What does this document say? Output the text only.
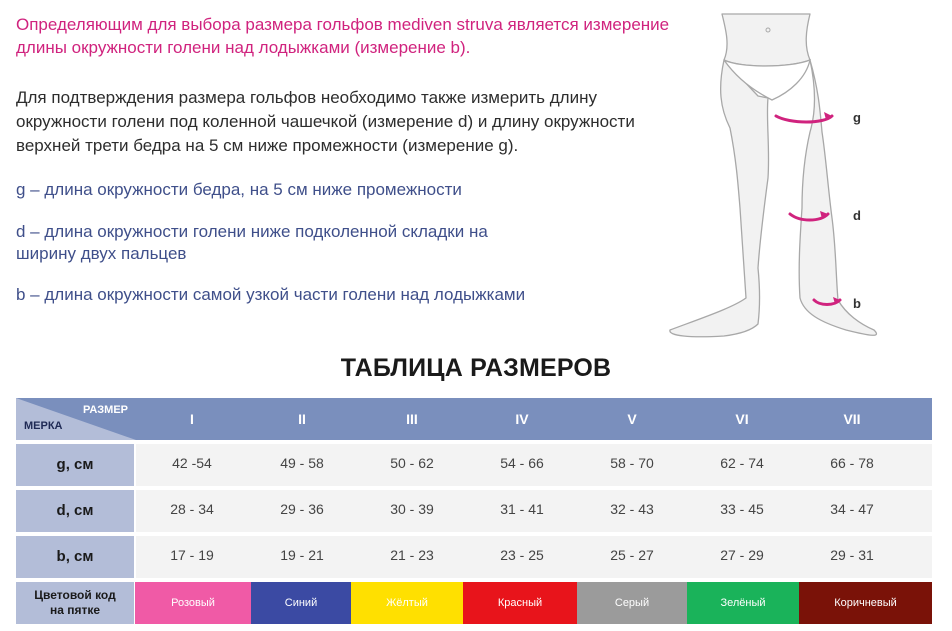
Определяющим для выбора размера гольфов mediven struva является измерение

длины окружности голени над лодыжками (измерение b).

Для подтверждения размера гольфов необходимо также измерить длину

окружности голени под коленной чашечкой (измерение d) и длину окружности

верхней трети бедра на 5 см ниже промежности (измерение g).

g – длина окружности бедра, на 5 см ниже промежности
d – длина окружности голени ниже подколенной складки на
ширину двух пальцев
b – длина окружности самой узкой части голени над лодыжками
g
d
b
ТАБЛИЦА РАЗМЕРОВ
РАЗМЕР
МЕРКА	I	II	III	IV	V	VI	VII
g, см	42 -54	49 - 58	50 - 62	54 - 66	58 - 70	62 - 74	66 - 78
d, см	28 - 34	29 - 36	30 - 39	31 - 41	32 - 43	33 - 45	34 - 47
b, см	17 - 19	19 - 21	21 - 23	23 - 25	25 - 27	27 - 29	29 - 31
Цветовой код
на пятке	Розовый	Синий	Жёлтый	Красный	Серый	Зелёный	Коричневый
